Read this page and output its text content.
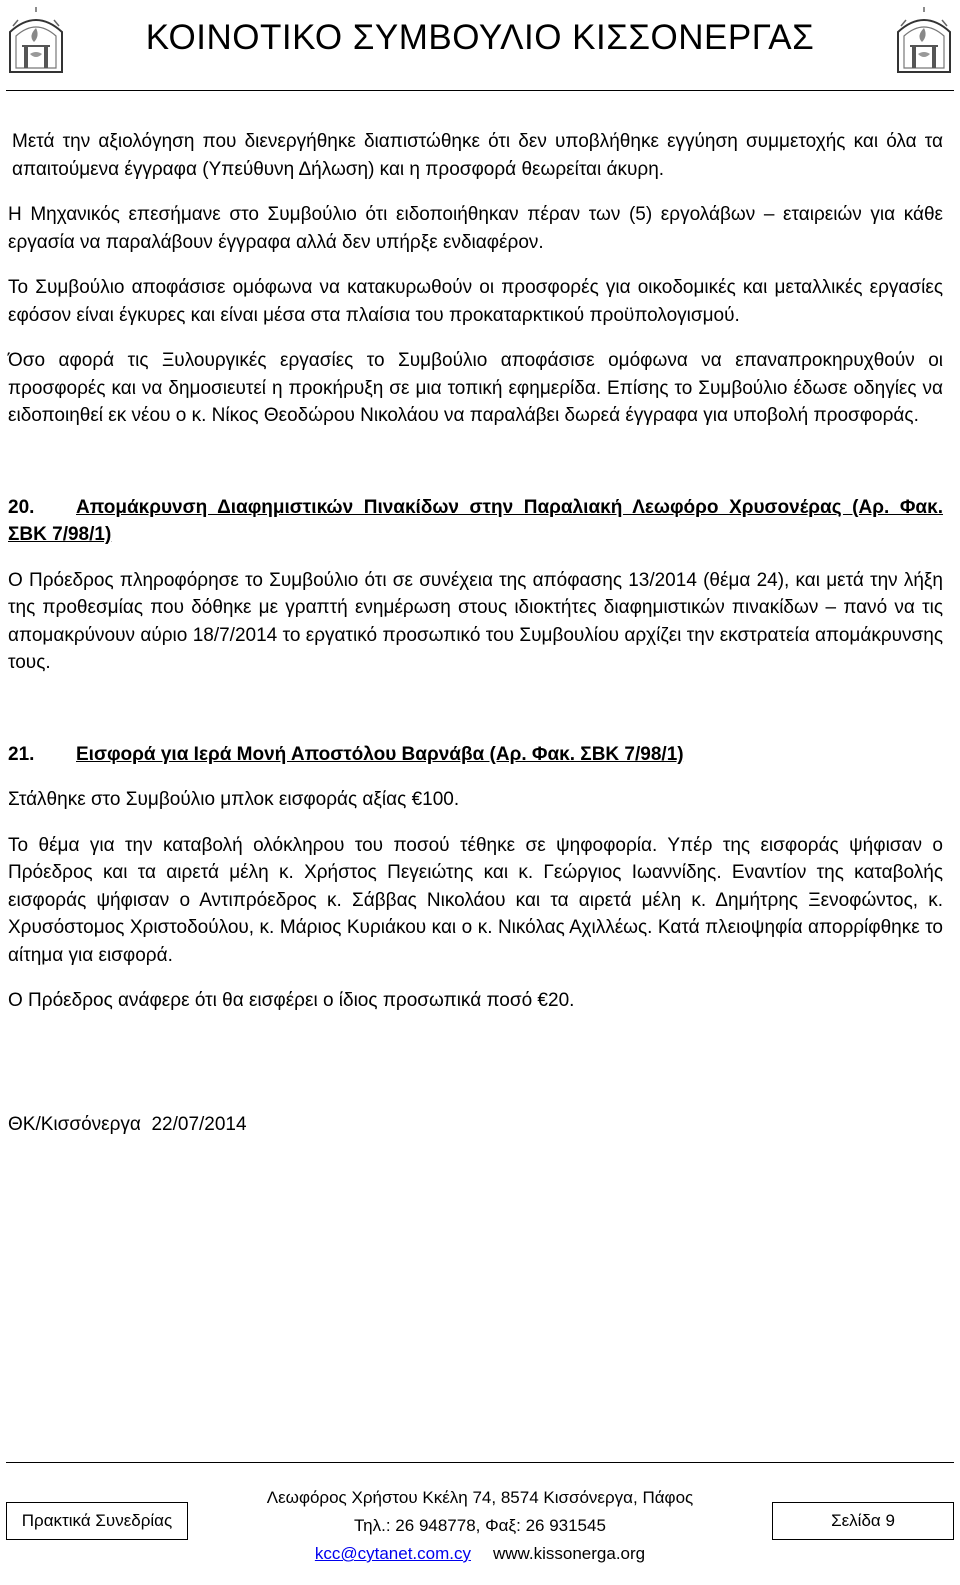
ΚΟΙΝΟΤΙΚΟ ΣΥΜΒΟΥΛΙΟ ΚΙΣΣΟΝΕΡΓΑΣ

Μετά την αξιολόγηση που διενεργήθηκε διαπιστώθηκε ότι δεν υποβλήθηκε εγγύηση συμμετοχής και όλα τα απαιτούμενα έγγραφα (Υπεύθυνη Δήλωση) και η προσφορά θεωρείται άκυρη.

Η Μηχανικός επεσήμανε στο Συμβούλιο ότι ειδοποιήθηκαν πέραν των (5) εργολάβων – εταιρειών για κάθε εργασία να παραλάβουν έγγραφα αλλά δεν υπήρξε ενδιαφέρον.

Το Συμβούλιο αποφάσισε ομόφωνα να κατακυρωθούν οι προσφορές για οικοδομικές και μεταλλικές εργασίες εφόσον είναι έγκυρες και είναι μέσα στα πλαίσια του προκαταρκτικού προϋπολογισμού.

Όσο αφορά τις Ξυλουργικές εργασίες το Συμβούλιο αποφάσισε ομόφωνα να επαναπροκηρυχθούν οι προσφορές και να δημοσιευτεί η προκήρυξη σε μια τοπική εφημερίδα. Επίσης το Συμβούλιο έδωσε οδηγίες να ειδοποιηθεί εκ νέου ο κ. Νίκος Θεοδώρου Νικολάου να παραλάβει δωρεά έγγραφα για υποβολή προσφοράς.

20. Απομάκρυνση Διαφημιστικών Πινακίδων στην Παραλιακή Λεωφόρο Χρυσονέρας (Αρ. Φακ. ΣΒΚ 7/98/1)

Ο Πρόεδρος πληροφόρησε το Συμβούλιο ότι σε συνέχεια της απόφασης 13/2014 (θέμα 24), και μετά την λήξη της προθεσμίας που δόθηκε με γραπτή ενημέρωση στους ιδιοκτήτες διαφημιστικών πινακίδων – πανό να τις απομακρύνουν αύριο 18/7/2014 το εργατικό προσωπικό του Συμβουλίου αρχίζει την εκστρατεία απομάκρυνσης τους.

21. Εισφορά για Ιερά Μονή Αποστόλου Βαρνάβα (Αρ. Φακ. ΣΒΚ 7/98/1)

Στάλθηκε στο Συμβούλιο μπλοκ εισφοράς αξίας €100.

Το θέμα για την καταβολή ολόκληρου του ποσού τέθηκε σε ψηφοφορία. Υπέρ της εισφοράς ψήφισαν ο Πρόεδρος και τα αιρετά μέλη κ. Χρήστος Πεγειώτης και κ. Γεώργιος Ιωαννίδης. Εναντίον της καταβολής εισφοράς ψήφισαν ο Αντιπρόεδρος κ. Σάββας Νικολάου και τα αιρετά μέλη κ. Δημήτρης Ξενοφώντος, κ. Χρυσόστομος Χριστοδούλου, κ. Μάριος Κυριάκου και ο κ. Νικόλας Αχιλλέως. Κατά πλειοψηφία απορρίφθηκε το αίτημα για εισφορά.

Ο Πρόεδρος ανάφερε ότι θα εισφέρει ο ίδιος προσωπικά ποσό €20.

ΘΚ/Κισσόνεργα  22/07/2014
Πρακτικά Συνεδρίας
Λεωφόρος Χρήστου Κκέλη 74, 8574 Κισσόνεργα, Πάφος
Τηλ.: 26 948778, Φαξ: 26 931545
kcc@cytanet.com.cy www.kissonerga.org
Σελίδα 9
